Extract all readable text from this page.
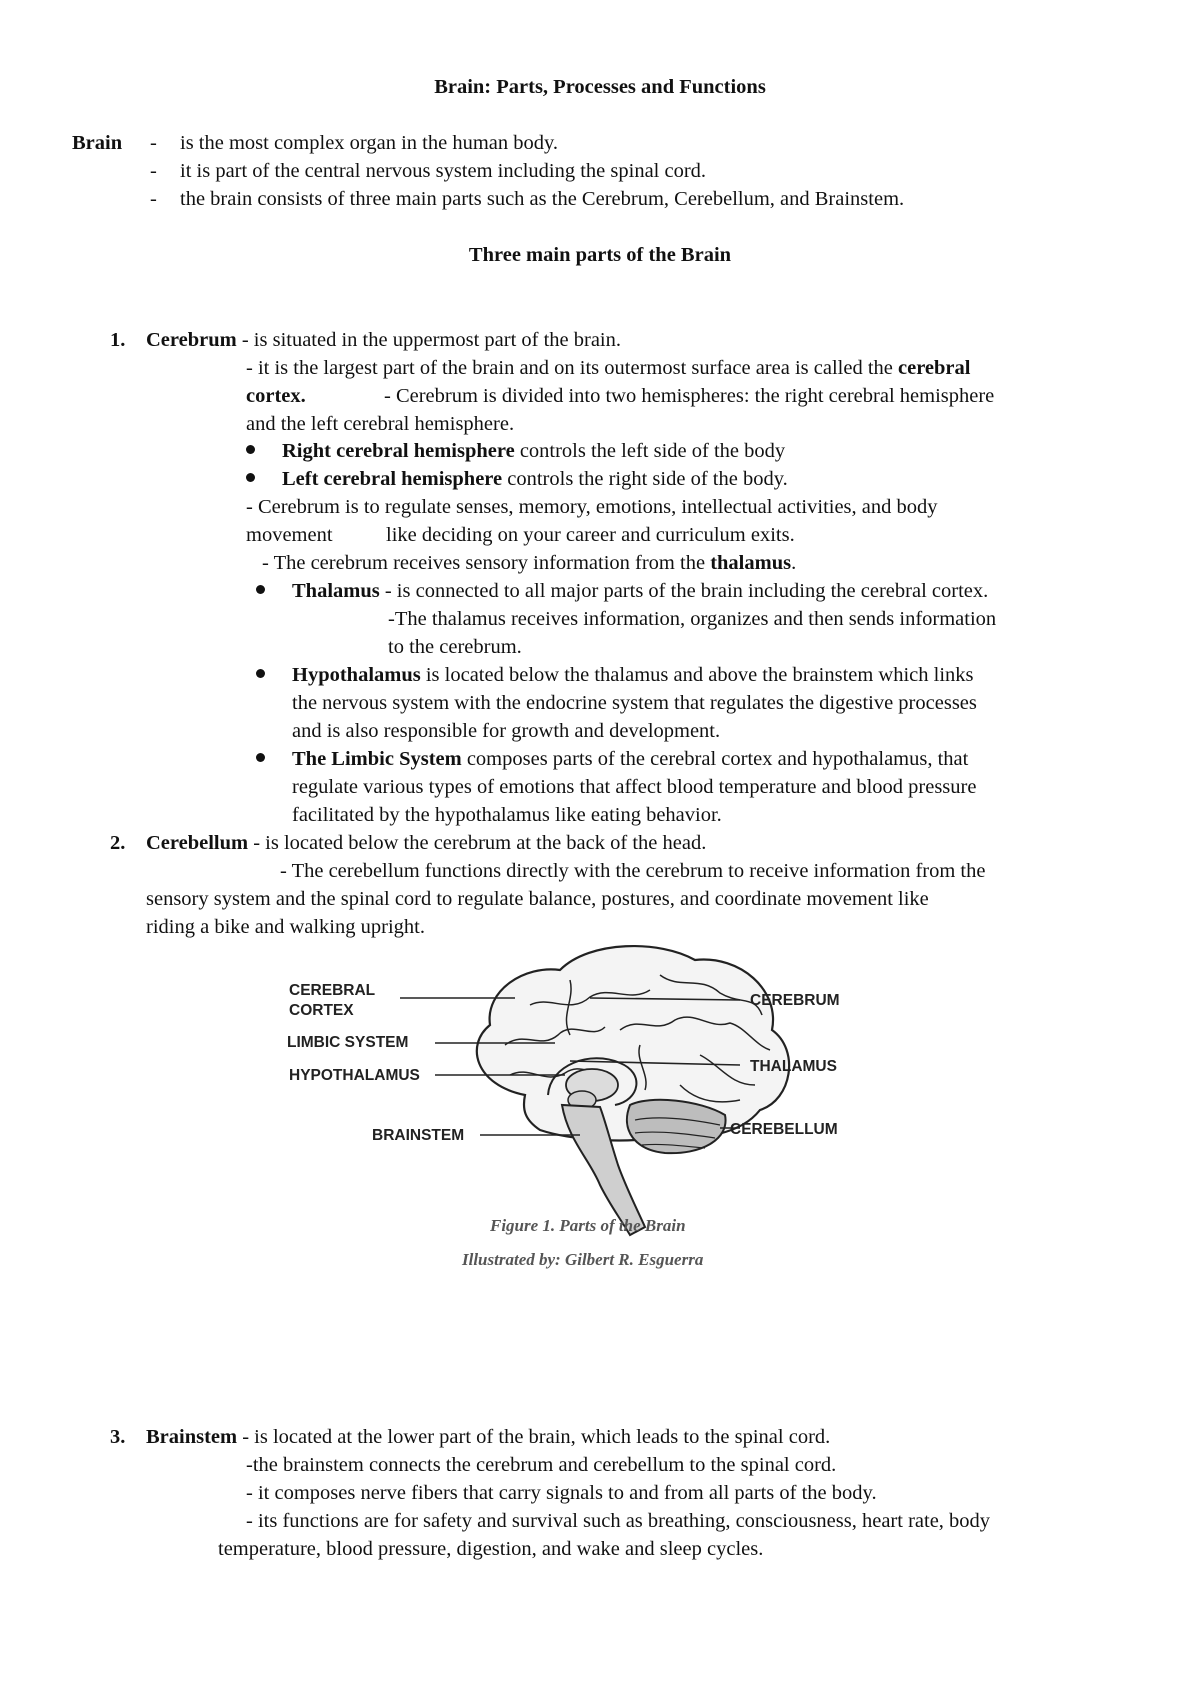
Brain: Parts, Processes and Functions
Brain - is the most complex organ in the human body.
- it is part of the central nervous system including the spinal cord.
- the brain consists of three main parts such as the Cerebrum, Cerebellum, and Brainstem.
Three main parts of the Brain
1. Cerebrum - is situated in the uppermost part of the brain.
- it is the largest part of the brain and on its outermost surface area is called the cerebral
cortex.	- Cerebrum is divided into two hemispheres: the right cerebral hemisphere
and the left cerebral hemisphere.
Right cerebral hemisphere controls the left side of the body
Left cerebral hemisphere controls the right side of the body.
- Cerebrum is to regulate senses, memory, emotions, intellectual activities, and body
movement	like deciding on your career and curriculum exits.
- The cerebrum receives sensory information from the thalamus.
Thalamus - is connected to all major parts of the brain including the cerebral cortex.
-The thalamus receives information, organizes and then sends information
to the cerebrum.
Hypothalamus is located below the thalamus and above the brainstem which links
the nervous system with the endocrine system that regulates the digestive processes
and is also responsible for growth and development.
The Limbic System composes parts of the cerebral cortex and hypothalamus, that
regulate various types of emotions that affect blood temperature and blood pressure
facilitated by the hypothalamus like eating behavior.
2. Cerebellum - is located below the cerebrum at the back of the head.
- The cerebellum functions directly with the cerebrum to receive information from the
sensory system and the spinal cord to regulate balance, postures, and coordinate movement like
riding a bike and walking upright.
CEREBRAL
CORTEX
LIMBIC SYSTEM
HYPOTHALAMUS
BRAINSTEM
CEREBRUM
THALAMUS
CEREBELLUM
Figure 1. Parts of the Brain
Illustrated by: Gilbert R. Esguerra
3. Brainstem - is located at the lower part of the brain, which leads to the spinal cord.
-the brainstem connects the cerebrum and cerebellum to the spinal cord.
- it composes nerve fibers that carry signals to and from all parts of the body.
- its functions are for safety and survival such as breathing, consciousness, heart rate, body
temperature, blood pressure, digestion, and wake and sleep cycles.
